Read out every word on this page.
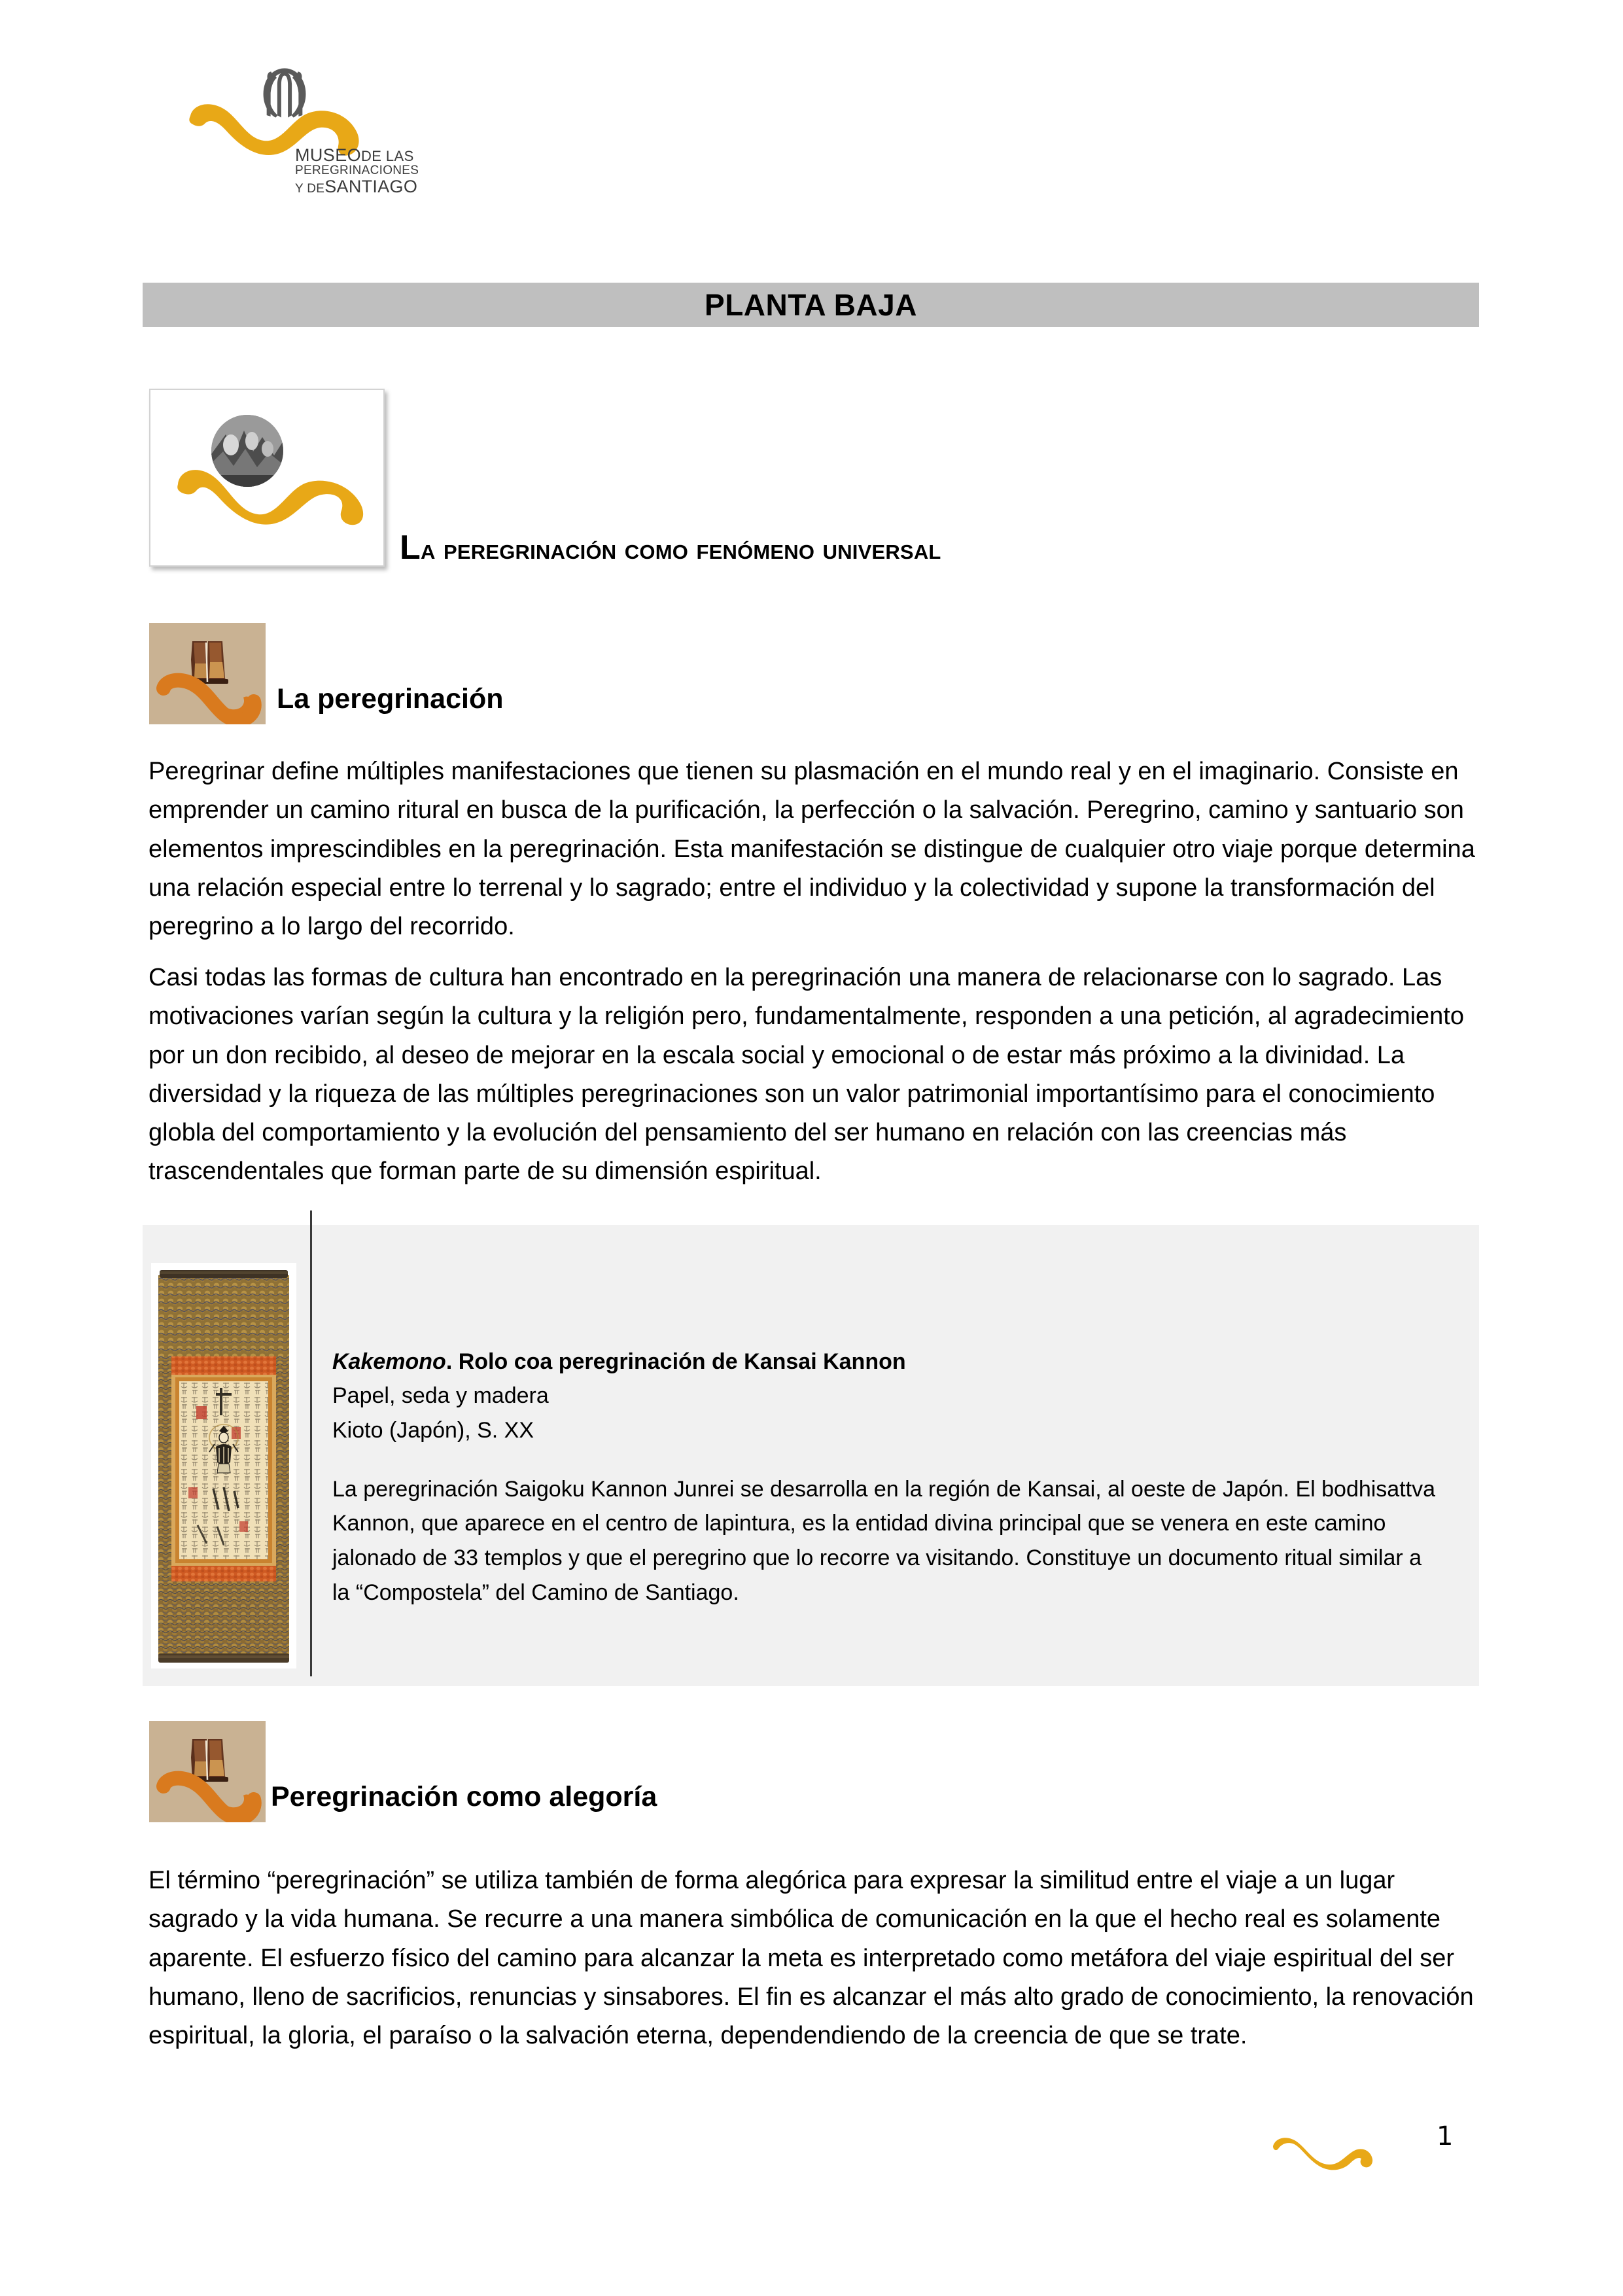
MUSEODE LAS
PEREGRINACIONES
Y DESANTIAGO
PLANTA BAJA
La peregrinación como fenómeno universal
La peregrinación

Peregrinar define múltiples manifestaciones que tienen su plasmación en el mundo real y en el imaginario. Consiste en emprender un camino ritural en busca de la purificación, la perfección o la salvación. Peregrino, camino y santuario son elementos imprescindibles en la peregrinación. Esta manifestación se distingue de cualquier otro viaje porque determina una relación especial entre lo terrenal y lo sagrado; entre el individuo y la colectividad y supone la transformación del peregrino a lo largo del recorrido.

Casi todas las formas de cultura han encontrado en la peregrinación una manera de relacionarse con lo sagrado. Las motivaciones varían según la cultura y la religión pero, fundamentalmente, responden a una petición, al agradecimiento por un don recibido, al deseo de mejorar en la escala social y emocional o de estar más próximo a la divinidad. La diversidad y la riqueza de las múltiples peregrinaciones son un valor patrimonial importantísimo para el conocimiento globla del comportamiento y la evolución del pensamiento del ser humano en relación con las creencias más trascendentales que forman parte de su dimensión espiritual.

Kakemono. Rolo coa peregrinación de Kansai Kannon

Papel, seda y madera

Kioto (Japón), S. XX

La peregrinación Saigoku Kannon Junrei se desarrolla en la región de Kansai, al oeste de Japón. El bodhisattva Kannon, que aparece en el centro de lapintura, es la entidad divina principal que se venera en este camino jalonado de 33 templos y que el peregrino que lo recorre va visitando. Constituye un documento ritual similar a la “Compostela” del Camino de Santiago.

Peregrinación como alegoría

El término “peregrinación” se utiliza también de forma alegórica para expresar la similitud entre el viaje a un lugar sagrado y la vida humana. Se recurre a una manera simbólica de comunicación en la que el hecho real es solamente aparente. El esfuerzo físico del camino para alcanzar la meta es interpretado como metáfora del viaje espiritual del ser humano, lleno de sacrificios, renuncias y sinsabores. El fin es alcanzar el más alto grado de conocimiento, la renovación espiritual, la gloria, el paraíso o la salvación eterna, dependendiendo de la creencia de que se trate.

1
